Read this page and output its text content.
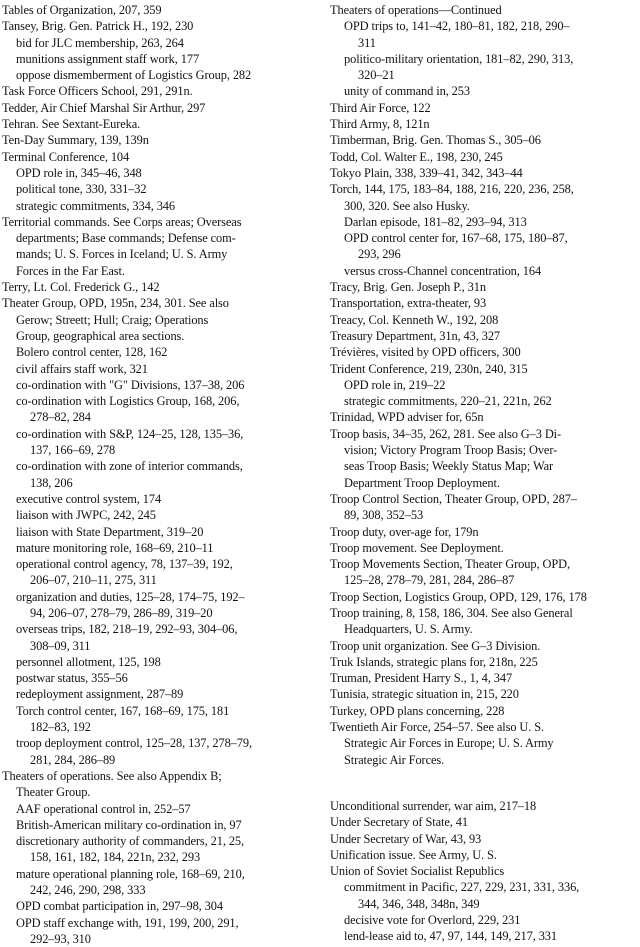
Tables of Organization, 207, 359
Tansey, Brig. Gen. Patrick H., 192, 230
bid for JLC membership, 263, 264
munitions assignment staff work, 177
oppose dismemberment of Logistics Group, 282
Task Force Officers School, 291, 291n.
Tedder, Air Chief Marshal Sir Arthur, 297
Tehran. See Sextant-Eureka.
Ten-Day Summary, 139, 139n
Terminal Conference, 104
OPD role in, 345–46, 348
political tone, 330, 331–32
strategic commitments, 334, 346
Territorial commands. See Corps areas; Overseas
departments; Base commands; Defense com-
mands; U. S. Forces in Iceland; U. S. Army
Forces in the Far East.
Terry, Lt. Col. Frederick G., 142
Theater Group, OPD, 195n, 234, 301. See also
Gerow; Streett; Hull; Craig; Operations
Group, geographical area sections.
Bolero control center, 128, 162
civil affairs staff work, 321
co-ordination with "G" Divisions, 137–38, 206
co-ordination with Logistics Group, 168, 206,
278–82, 284
co-ordination with S&P, 124–25, 128, 135–36,
137, 166–69, 278
co-ordination with zone of interior commands,
138, 206
executive control system, 174
liaison with JWPC, 242, 245
liaison with State Department, 319–20
mature monitoring role, 168–69, 210–11
operational control agency, 78, 137–39, 192,
206–07, 210–11, 275, 311
organization and duties, 125–28, 174–75, 192–
94, 206–07, 278–79, 286–89, 319–20
overseas trips, 182, 218–19, 292–93, 304–06,
308–09, 311
personnel allotment, 125, 198
postwar status, 355–56
redeployment assignment, 287–89
Torch control center, 167, 168–69, 175, 181
182–83, 192
troop deployment control, 125–28, 137, 278–79,
281, 284, 286–89
Theaters of operations. See also Appendix B;
Theater Group.
AAF operational control in, 252–57
British-American military co-ordination in, 97
discretionary authority of commanders, 21, 25,
158, 161, 182, 184, 221n, 232, 293
mature operational planning role, 168–69, 210,
242, 246, 290, 298, 333
OPD combat participation in, 297–98, 304
OPD staff exchange with, 191, 199, 200, 291,
292–93, 310
Theaters of operations—Continued
OPD trips to, 141–42, 180–81, 182, 218, 290–
311
politico-military orientation, 181–82, 290, 313,
320–21
unity of command in, 253
Third Air Force, 122
Third Army, 8, 121n
Timberman, Brig. Gen. Thomas S., 305–06
Todd, Col. Walter E., 198, 230, 245
Tokyo Plain, 338, 339–41, 342, 343–44
Torch, 144, 175, 183–84, 188, 216, 220, 236, 258,
300, 320. See also Husky.
Darlan episode, 181–82, 293–94, 313
OPD control center for, 167–68, 175, 180–87,
293, 296
versus cross-Channel concentration, 164
Tracy, Brig. Gen. Joseph P., 31n
Transportation, extra-theater, 93
Treacy, Col. Kenneth W., 192, 208
Treasury Department, 31n, 43, 327
Trévières, visited by OPD officers, 300
Trident Conference, 219, 230n, 240, 315
OPD role in, 219–22
strategic commitments, 220–21, 221n, 262
Trinidad, WPD adviser for, 65n
Troop basis, 34–35, 262, 281. See also G–3 Di-
vision; Victory Program Troop Basis; Over-
seas Troop Basis; Weekly Status Map; War
Department Troop Deployment.
Troop Control Section, Theater Group, OPD, 287–
89, 308, 352–53
Troop duty, over-age for, 179n
Troop movement. See Deployment.
Troop Movements Section, Theater Group, OPD,
125–28, 278–79, 281, 284, 286–87
Troop Section, Logistics Group, OPD, 129, 176, 178
Troop training, 8, 158, 186, 304. See also General
Headquarters, U. S. Army.
Troop unit organization. See G–3 Division.
Truk Islands, strategic plans for, 218n, 225
Truman, President Harry S., 1, 4, 347
Tunisia, strategic situation in, 215, 220
Turkey, OPD plans concerning, 228
Twentieth Air Force, 254–57. See also U. S.
Strategic Air Forces in Europe; U. S. Army
Strategic Air Forces.
Unconditional surrender, war aim, 217–18
Under Secretary of State, 41
Under Secretary of War, 43, 93
Unification issue. See Army, U. S.
Union of Soviet Socialist Republics
commitment in Pacific, 227, 229, 231, 331, 336,
344, 346, 348, 348n, 349
decisive vote for Overlord, 229, 231
lend-lease aid to, 47, 97, 144, 149, 217, 331
